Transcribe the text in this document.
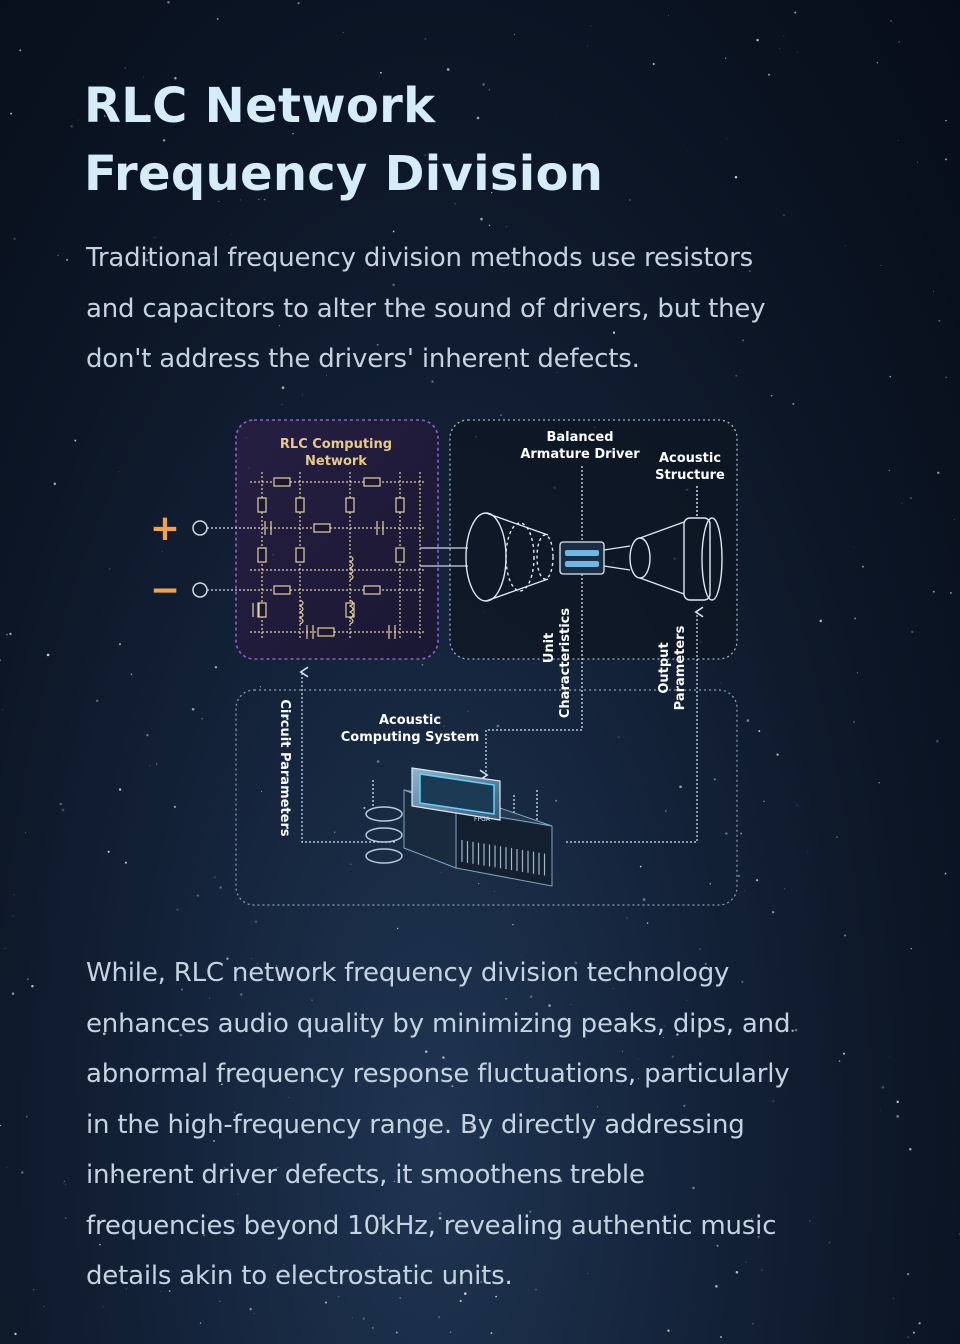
RLC Network
Frequency Division

Traditional frequency division methods use resistors
and capacitors to alter the sound of drivers, but they
don't address the drivers' inherent defects.

RLC Computing
Network
+
−
Balanced
Armature Driver Acoustic
Structure
Acoustic
Computing System
Unit Characteristics	Output Parameters
Circuit Parameters	FPGA

While, RLC network frequency division technology
enhances audio quality by minimizing peaks, dips, and
abnormal frequency response fluctuations, particularly
in the high-frequency range. By directly addressing
inherent driver defects, it smoothens treble
frequencies beyond 10kHz, revealing authentic music
details akin to electrostatic units.
